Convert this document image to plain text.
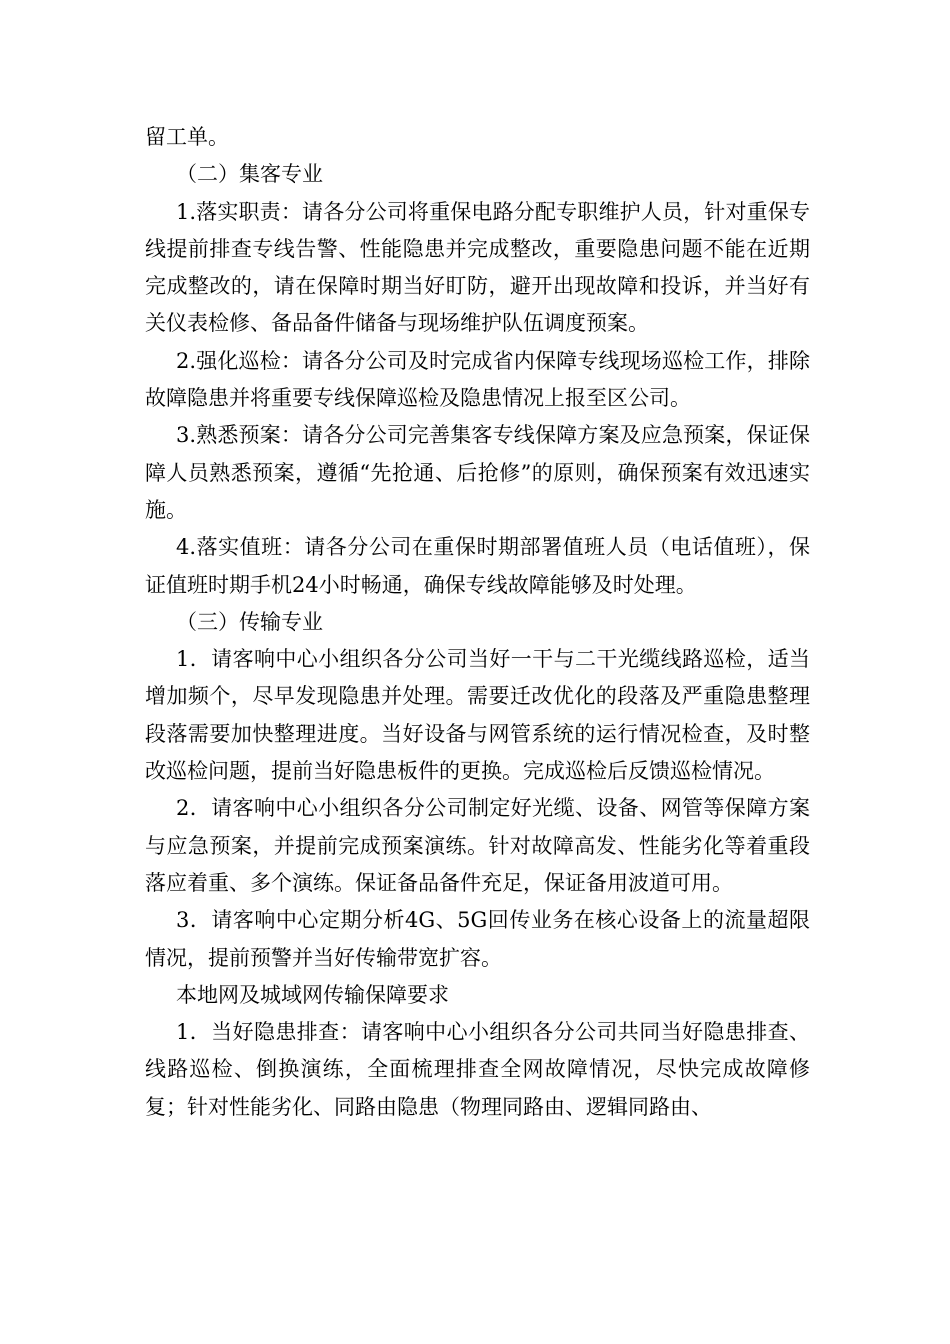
留工单。

（二）集客专业

1.落实职责：请各分公司将重保电路分配专职维护人员，针对重保专线提前排查专线告警、性能隐患并完成整改，重要隐患问题不能在近期完成整改的，请在保障时期当好盯防，避开出现故障和投诉，并当好有关仪表检修、备品备件储备与现场维护队伍调度预案。

2.强化巡检：请各分公司及时完成省内保障专线现场巡检工作，排除故障隐患并将重要专线保障巡检及隐患情况上报至区公司。

3.熟悉预案：请各分公司完善集客专线保障方案及应急预案，保证保障人员熟悉预案，遵循“先抢通、后抢修”的原则，确保预案有效迅速实施。

4.落实值班：请各分公司在重保时期部署值班人员（电话值班），保证值班时期手机24小时畅通，确保专线故障能够及时处理。

（三）传输专业

1．请客响中心小组织各分公司当好一干与二干光缆线路巡检，适当增加频个，尽早发现隐患并处理。需要迁改优化的段落及严重隐患整理段落需要加快整理进度。当好设备与网管系统的运行情况检查，及时整改巡检问题，提前当好隐患板件的更换。完成巡检后反馈巡检情况。

2．请客响中心小组织各分公司制定好光缆、设备、网管等保障方案与应急预案，并提前完成预案演练。针对故障高发、性能劣化等着重段落应着重、多个演练。保证备品备件充足，保证备用波道可用。

3．请客响中心定期分析4G、5G回传业务在核心设备上的流量超限情况，提前预警并当好传输带宽扩容。

本地网及城域网传输保障要求

1．当好隐患排查：请客响中心小组织各分公司共同当好隐患排查、线路巡检、倒换演练，全面梳理排查全网故障情况，尽快完成故障修复；针对性能劣化、同路由隐患（物理同路由、逻辑同路由、
